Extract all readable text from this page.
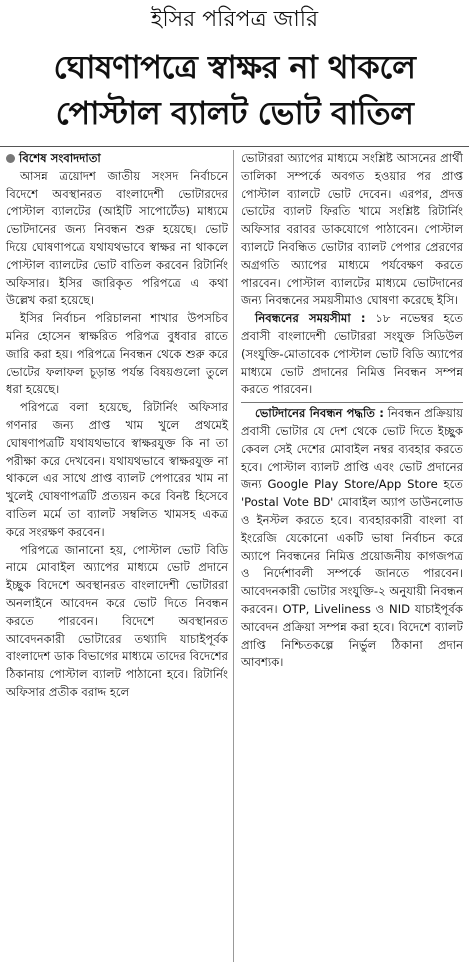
ইসির পরিপত্র জারি
ঘোষণাপত্রে স্বাক্ষর না থাকলে
পোস্টাল ব্যালট ভোট বাতিল
বিশেষ সংবাদদাতা

আসন্ন ত্রয়োদশ জাতীয় সংসদ নির্বাচনে বিদেশে অবস্থানরত বাংলাদেশী ভোটারদের পোস্টাল ব্যালটের (আইটি সাপোর্টেড) মাধ্যমে ভোটদানের জন্য নিবন্ধন শুরু হয়েছে। ভোট দিয়ে ঘোষণাপত্রে যথাযথভাবে স্বাক্ষর না থাকলে পোস্টাল ব্যালটের ভোট বাতিল করবেন রিটার্নিং অফিসার। ইসির জারিকৃত পরিপত্রে এ কথা উল্লেখ করা হয়েছে।

ইসির নির্বাচন পরিচালনা শাখার উপসচিব মনির হোসেন স্বাক্ষরিত পরিপত্র বুধবার রাতে জারি করা হয়। পরিপত্রে নিবন্ধন থেকে শুরু করে ভোটের ফলাফল চূড়ান্ত পর্যন্ত বিষয়গুলো তুলে ধরা হয়েছে।

পরিপত্রে বলা হয়েছে, রিটার্নিং অফিসার গণনার জন্য প্রাপ্ত খাম খুলে প্রথমেই ঘোষণাপত্রটি যথাযথভাবে স্বাক্ষরযুক্ত কি না তা পরীক্ষা করে দেখবেন। যথাযথভাবে স্বাক্ষরযুক্ত না থাকলে এর সাথে প্রাপ্ত ব্যালট পেপারের খাম না খুলেই ঘোষণাপত্রটি প্রত্যয়ন করে বিনষ্ট হিসেবে বাতিল মর্মে তা ব্যালট সম্বলিত খামসহ একত্র করে সংরক্ষণ করবেন।

পরিপত্রে জানানো হয়, পোস্টাল ভোট বিডি নামে মোবাইল অ্যাপের মাধ্যমে ভোট প্রদানে ইচ্ছুক বিদেশে অবস্থানরত বাংলাদেশী ভোটাররা অনলাইনে আবেদন করে ভোট দিতে নিবন্ধন করতে পারবেন। বিদেশে অবস্থানরত আবেদনকারী ভোটারের তথ্যাদি যাচাইপূর্বক বাংলাদেশ ডাক বিভাগের মাধ্যমে তাদের বিদেশের ঠিকানায় পোস্টাল ব্যালট পাঠানো হবে। রিটার্নিং অফিসার প্রতীক বরাদ্দ হলে

ভোটাররা অ্যাপের মাধ্যমে সংশ্লিষ্ট আসনের প্রার্থী তালিকা সম্পর্কে অবগত হওয়ার পর প্রাপ্ত পোস্টাল ব্যালটে ভোট দেবেন। এরপর, প্রদত্ত ভোটের ব্যালট ফিরতি খামে সংশ্লিষ্ট রিটার্নিং অফিসার বরাবর ডাকযোগে পাঠাবেন। পোস্টাল ব্যালটে নিবন্ধিত ভোটার ব্যালট পেপার প্রেরণের অগ্রগতি অ্যাপের মাধ্যমে পর্যবেক্ষণ করতে পারবেন। পোস্টাল ব্যালটের মাধ্যমে ভোটদানের জন্য নিবন্ধনের সময়সীমাও ঘোষণা করেছে ইসি।

নিবন্ধনের সময়সীমা : ১৮ নভেম্বর হতে প্রবাসী বাংলাদেশী ভোটাররা সংযুক্ত সিডিউল (সংযুক্তি-মোতাবেক পোস্টাল ভোট বিডি অ্যাপের মাধ্যমে ভোট প্রদানের নিমিত্ত নিবন্ধন সম্পন্ন করতে পারবেন।

ভোটদানের নিবন্ধন পদ্ধতি : নিবন্ধন প্রক্রিয়ায় প্রবাসী ভোটার যে দেশ থেকে ভোট দিতে ইচ্ছুক কেবল সেই দেশের মোবাইল নম্বর ব্যবহার করতে হবে। পোস্টাল ব্যালট প্রাপ্তি এবং ভোট প্রদানের জন্য Google Play Store/App Store হতে 'Postal Vote BD' মোবাইল অ্যাপ ডাউনলোড ও ইনস্টল করতে হবে। ব্যবহারকারী বাংলা বা ইংরেজি যেকোনো একটি ভাষা নির্বাচন করে অ্যাপে নিবন্ধনের নিমিত্ত প্রয়োজনীয় কাগজপত্র ও নির্দেশাবলী সম্পর্কে জানতে পারবেন। আবেদনকারী ভোটার সংযুক্তি-২ অনুযায়ী নিবন্ধন করবেন। OTP, Liveliness ও NID যাচাইপূর্বক আবেদন প্রক্রিয়া সম্পন্ন করা হবে। বিদেশে ব্যালট প্রাপ্তি নিশ্চিতকল্পে নির্ভুল ঠিকানা প্রদান আবশ্যক।
